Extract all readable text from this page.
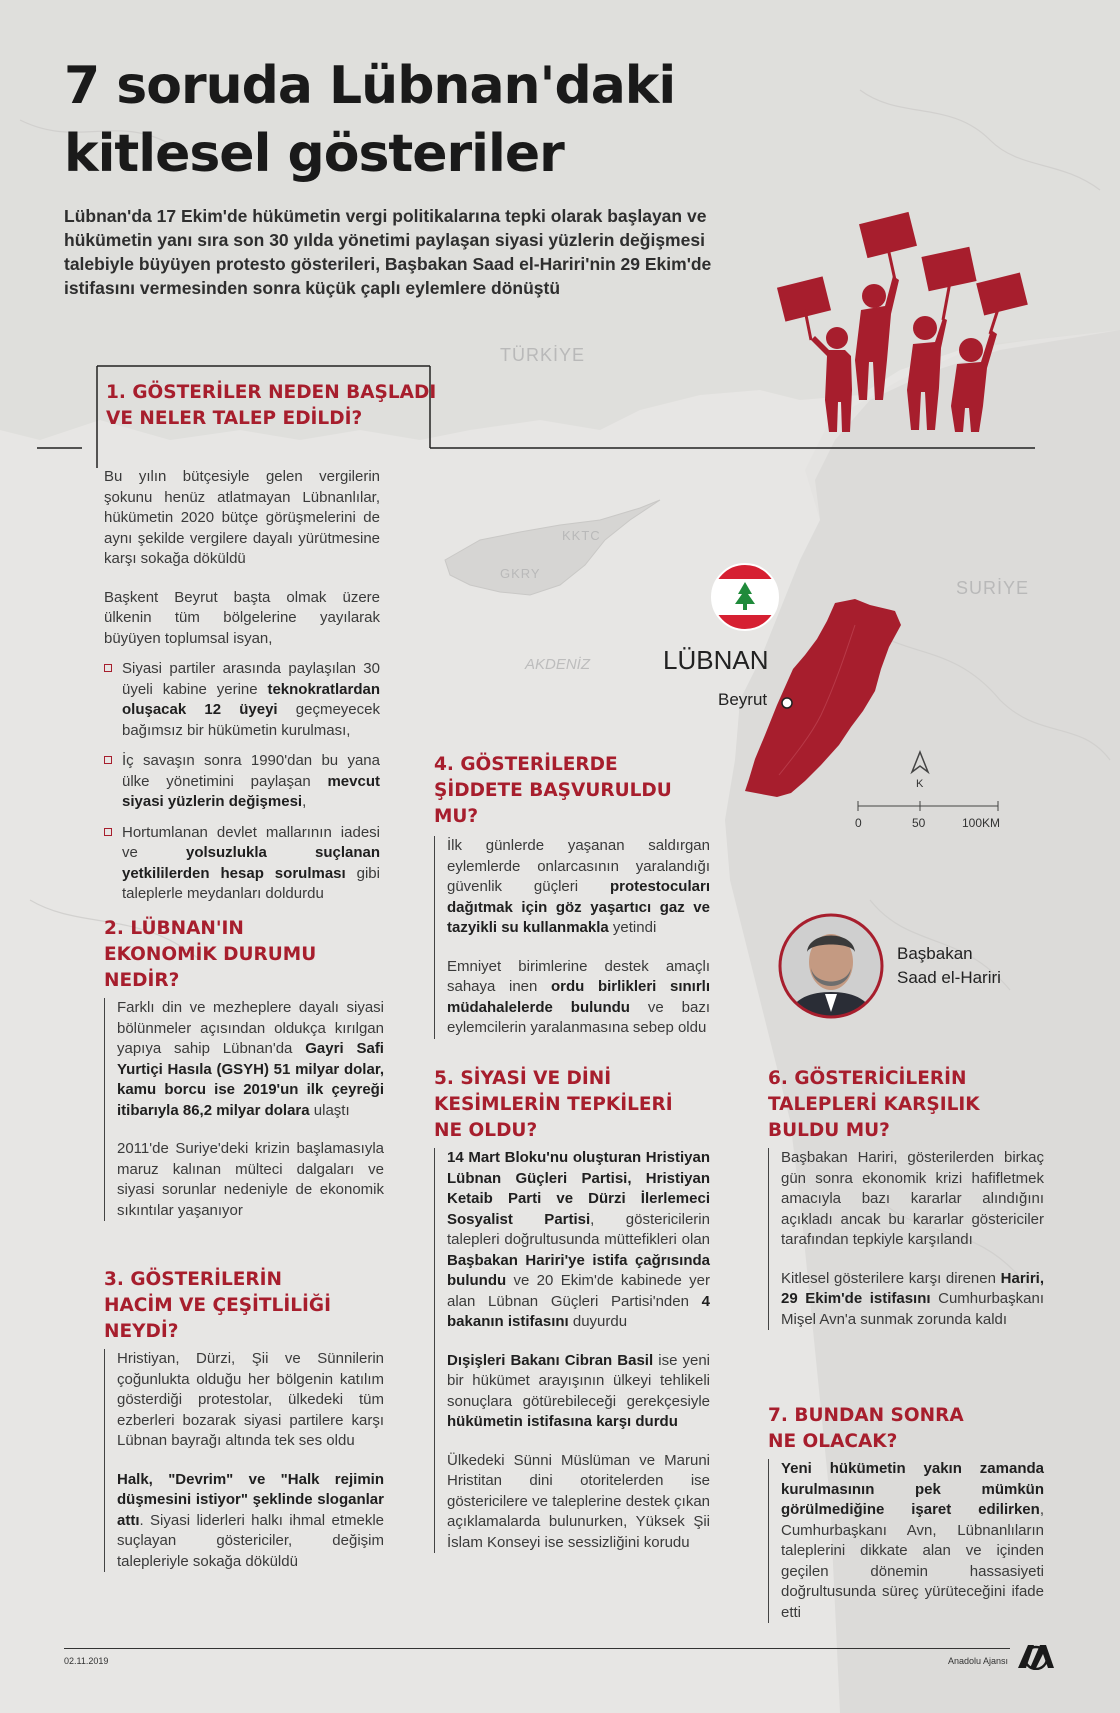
7 soruda Lübnan'daki
kitlesel gösteriler

Lübnan'da 17 Ekim'de hükümetin vergi politikalarına tepki olarak başlayan ve hükümetin yanı sıra son 30 yılda yönetimi paylaşan siyasi yüzlerin değişmesi talebiyle büyüyen protesto gösterileri, Başbakan Saad el-Hariri'nin 29 Ekim'de istifasını vermesinden sonra küçük çaplı eylemlere dönüştü

TÜRKİYE
SURİYE
KKTC
GKRY
AKDENİZ	LÜBNAN
Beyrut
K
0	50	100KM
Başbakan
Saad el-Hariri

1. GÖSTERİLER NEDEN BAŞLADI

VE NELER TALEP EDİLDİ?

Bu yılın bütçesiyle gelen vergilerin şokunu henüz atlatmayan Lübnanlılar, hükümetin 2020 bütçe görüşmelerini de aynı şekilde vergilere dayalı yürütmesine karşı sokağa döküldü

Başkent Beyrut başta olmak üzere ülkenin tüm bölgelerine yayılarak büyüyen toplumsal isyan,

Siyasi partiler arasında paylaşılan 30 üyeli kabine yerine teknokratlardan oluşacak 12 üyeyi geçmeyecek bağımsız bir hükümetin kurulması,
İç savaşın sonra 1990'dan bu yana ülke yönetimini paylaşan mevcut siyasi yüzlerin değişmesi,
Hortumlanan devlet mallarının iadesi ve yolsuzlukla suçlanan yetkililerden hesap sorulması gibi taleplerle meydanları doldurdu

2. LÜBNAN'IN

EKONOMİK DURUMU

NEDİR?

Farklı din ve mezheplere dayalı siyasi bölünmeler açısından oldukça kırılgan yapıya sahip Lübnan'da Gayri Safi Yurtiçi Hasıla (GSYH) 51 milyar dolar, kamu borcu ise 2019'un ilk çeyreği itibarıyla 86,2 milyar dolara ulaştı

2011'de Suriye'deki krizin başlamasıyla maruz kalınan mülteci dalgaları ve siyasi sorunlar nedeniyle de ekonomik sıkıntılar yaşanıyor

3. GÖSTERİLERİN

HACİM VE ÇEŞİTLİLİĞİ

NEYDİ?

Hristiyan, Dürzi, Şii ve Sünnilerin çoğunlukta olduğu her bölgenin katılım gösterdiği protestolar, ülkedeki tüm ezberleri bozarak siyasi partilere karşı Lübnan bayrağı altında tek ses oldu

Halk, "Devrim" ve "Halk rejimin düşmesini istiyor" şeklinde sloganlar attı. Siyasi liderleri halkı ihmal etmekle suçlayan göstericiler, değişim talepleriyle sokağa döküldü

4. GÖSTERİLERDE

ŞİDDETE BAŞVURULDU

MU?

İlk günlerde yaşanan saldırgan eylemlerde onlarcasının yaralandığı güvenlik güçleri protestocuları dağıtmak için göz yaşartıcı gaz ve tazyikli su kullanmakla yetindi

Emniyet birimlerine destek amaçlı sahaya inen ordu birlikleri sınırlı müdahalelerde bulundu ve bazı eylemcilerin yaralanmasına sebep oldu

5. SİYASİ VE DİNİ

KESİMLERİN TEPKİLERİ

NE OLDU?

14 Mart Bloku'nu oluşturan Hristiyan Lübnan Güçleri Partisi, Hristiyan Ketaib Parti ve Dürzi İlerlemeci Sosyalist Partisi, göstericilerin talepleri doğrultusunda müttefikleri olan Başbakan Hariri'ye istifa çağrısında bulundu ve 20 Ekim'de kabinede yer alan Lübnan Güçleri Partisi'nden 4 bakanın istifasını duyurdu

Dışişleri Bakanı Cibran Basil ise yeni bir hükümet arayışının ülkeyi tehlikeli sonuçlara götürebileceği gerekçesiyle hükümetin istifasına karşı durdu

Ülkedeki Sünni Müslüman ve Maruni Hristitan dini otoritelerden ise göstericilere ve taleplerine destek çıkan açıklamalarda bulunurken, Yüksek Şii İslam Konseyi ise sessizliğini korudu

6. GÖSTERİCİLERİN

TALEPLERİ KARŞILIK

BULDU MU?

Başbakan Hariri, gösterilerden birkaç gün sonra ekonomik krizi hafifletmek amacıyla bazı kararlar alındığını açıkladı ancak bu kararlar göstericiler tarafından tepkiyle karşılandı

Kitlesel gösterilere karşı direnen Hariri, 29 Ekim'de istifasını Cumhurbaşkanı Mişel Avn'a sunmak zorunda kaldı

7. BUNDAN SONRA

NE OLACAK?

Yeni hükümetin yakın zamanda kurulmasının pek mümkün görülmediğine işaret edilirken, Cumhurbaşkanı Avn, Lübnanlıların taleplerini dikkate alan ve içinden geçilen dönemin hassasiyeti doğrultusunda süreç yürüteceğini ifade etti

02.11.2019	Anadolu Ajansı
